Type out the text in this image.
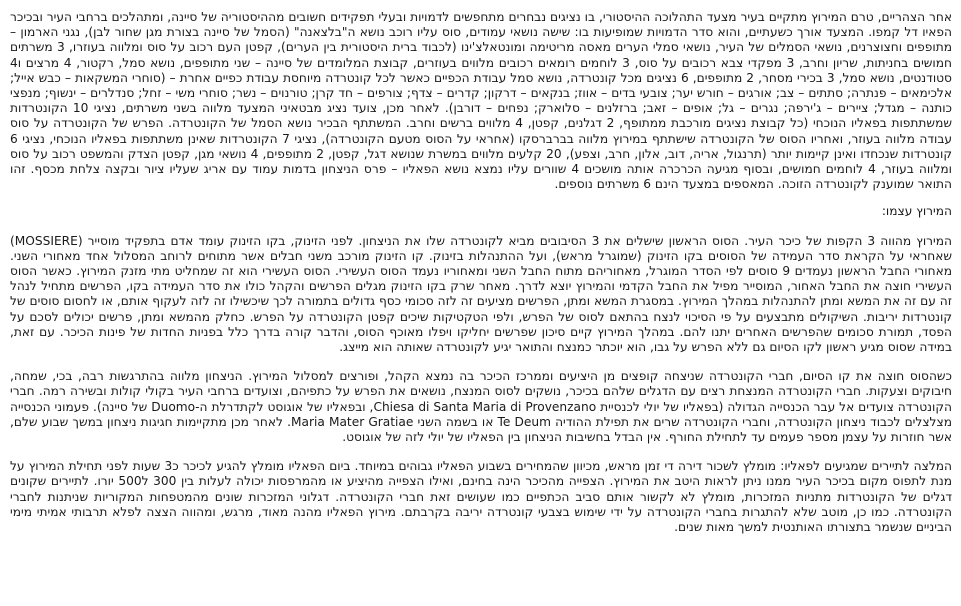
אחר הצהריים, טרם המירוץ מתקיים בעיר מצעד התהלוכה ההיסטורי, בו נציגים נבחרים מתחפשים לדמויות ובעלי תפקידים חשובים מההיסטוריה של סיינה, ומתהלכים ברחבי העיר ובכיכר הפאיו דל קמפו. המצעד אורך כשעתיים, והוא סדר הדמויות שמופיעות בו: שישה נושאי עמודים, סוס עליו רוכב נושא ה"בלצאנה" (הסמל של סיינה בצורת מגן שחור לבן), נגני הארמון – מתופפים וחצוצרנים, נושאי הסמלים של העיר, נושאי סמלי הערים מאסה מריטימה ומונטאלצ'ינו (לכבוד ברית היסטורית בין הערים), קפטן העם רכוב על סוס ומלווה בעוזרו, 3 משרתים חמושים בחניתות, שריון וחרב, 3 מפקדי צבא רכובים על סוס, 3 לוחמים רומאים רכובים מלווים בעוזרים, קבוצת המלומדים של סיינה – שני מתופפים, נושא סמל, רקטור, 4 מרצים ו4 סטודנטים, נושא סמל, 3 בכירי מסחר, 2 מתופפים, 6 נציגים מכל קונטרדה, נושא סמל עבודת הכפיים כאשר לכל קונטרדה מיוחסת עבודת כפיים אחרת – (סוחרי המשקאות – כבש אייל; אלכימאים – פנתרה; סתתים – צב; אורגים – חורש יער; צובעי בדים – אווז; בנקאים – דרקון; קדרים – צדף; צורפים – חד קרן; טורנוים – נשר; סוחרי משי – זחל; סנדלרים – ינשוף; מנפצי כותנה – מגדל; ציירים – ג'ירפה; נגרים – גל; אופים – זאב; ברזלנים – סלוארק; נפחים – דורבן). לאחר מכן, צועד נציג מבטאיני המצעד מלווה בשני משרתים, נציגי 10 הקונטרדות שמשתתפות בפאליו הנוכחי (כל קבוצת נציגים מורכבת ממתופף, 2 דגלנים, קפטן, 4 מלווים ברשים וחרב. המשתתף הבכיר נושא הסמל של הקונטרדה. הפרש של הקונטרדה על סוס עבודה מלווה בעוזר, ואחריו הסוס של הקונטרדה שישתתף במירוץ מלווה בברברסקו (אחראי על הסוס מטעם הקונטרדה), נציגי 7 הקונטרדות שאינן משתתפות בפאליו הנוכחי, נציגי 6 קונטרדות שנכחדו ואינן קיימות יותר (תרנגול, אריה, דוב, אלון, חרב, וצפע), 20 קלעים מלווים במשרת שנושא דגל, קפטן, 2 מתופפים, 4 נושאי מגן, קפטן הצדק והמשפט רכוב על סוס ומלווה בעוזר, 4 לוחמים חמושים, ובסוף מגיעה הכרכרה אותה מושכים 4 שוורים עליו נמצא נושא הפאליו – פרס הניצחון בדמות עמוד עם אריג שעליו ציור ובקצה צלחת מכסף. זהו התואר שמוענק לקונטרדה הזוכה. המאספים במצעד הינם 6 משרתים נוספים.

המירוץ עצמו:

המירוץ מהווה 3 הקפות של כיכר העיר. הסוס הראשון שישלים את 3 הסיבובים מביא לקונטרדה שלו את הניצחון. לפני הזינוק, בקו הזינוק עומד אדם בתפקיד מוסייר (MOSSIERE) שאחראי על הקראת סדר העמידה של הסוסים בקו הזינוק (שמוגרל מראש), ועל ההתנהלות בזינוק. קו הזינוק מורכב משני חבלים אשר מתוחים לרוחב המסלול אחד מאחורי השני. מאחורי החבל הראשון נעמדים 9 סוסים לפי הסדר המוגרל, מאחוריהם מתוח החבל השני ומאחוריו נעמד הסוס העשירי. הסוס העשירי הוא זה שמחליט מתי מזנק המירוץ. כאשר הסוס העשירי חוצה את החבל האחור, המוסייר מפיל את החבל הקדמי והמירוץ יוצא לדרך. מאחר שרק בקו הזינוק מגלים הפרשים והקהל כולו את סדר העמידה בקו, הפרשים מתחיל לנהל זה עם זה את המשא ומתן להתנהלות במהלך המירוץ. במסגרת המשא ומתן, הפרשים מציעים זה לזה סכומי כסף גדולים בתמורה לכך שיכשילו זה לזה לעקוף אותם, או לחסום סוסים של קונטרדות יריבות. השיקולים מתבצעים על פי הסיכוי לנצח בהתאם לסוס של הפרש, ולפי הטקטיקות שיכים קפטן הקונטרדה על הפרש. כחלק מהמשא ומתן, פרשים יכולים לסכם על הפסד, תמורת סכומים שהפרשים האחרים יתנו להם. במהלך המירוץ קיים סיכון שפרשים יחליקו ויפלו מאוכף הסוס, והדבר קורה בדרך כלל בפניות החדות של פינות הכיכר. עם זאת, במידה שסוס מגיע ראשון לקו הסיום גם ללא הפרש על גבו, הוא יוכתר כמנצח והתואר יגיע לקונטרדה שאותה הוא מייצג.

כשהסוס חוצה את קו הסיום, חברי הקונטרדה שניצחה קופצים מן היציעים וממרכז הכיכר בה נמצא הקהל, ופורצים למסלול המירוץ. הניצחון מלווה בהתרגשות רבה, בכי, שמחה, חיבוקים וצעקות. חברי הקונטרדה המנצחת רצים עם הדגלים שלהם בכיכר, נושקים לסוס המנצח, נושאים את הפרש על כתפיהם, וצועדים ברחבי העיר בקולי קולות ובשירה רמה. חברי הקונטרדה צועדים אל עבר הכנסייה הגדולה (בפאליו של יולי לכנסיית Chiesa di Santa Maria di Provenzano, ובפאליו של אוגוסט לקתדרלת ה-Duomo של סיינה). פעמוני הכנסייה מצלצלים לכבוד ניצחון הקונטרדה, וחברי הקונטרדה שרים את תפילת ההודיה Te Deum או בשמה השני Maria Mater Gratiae. לאחר מכן מתקיימות חגיגות ניצחון במשך שבוע שלם, אשר חוזרות על עצמן מספר פעמים עד לתחילת החורף. אין הבדל בחשיבות הניצחון בין הפאליו של יולי לזה של אוגוסט.

המלצה לתיירים שמגיעים לפאליו: מומלץ לשכור דירה די זמן מראש, מכיוון שהמחירים בשבוע הפאליו גבוהים במיוחד. ביום הפאליו מומלץ להגיע לכיכר כ3 שעות לפני תחילת המירוץ על מנת לתפוס מקום בכיכר העיר ממנו ניתן לראות היטב את המירוץ. הצפייה מהכיכר הינה בחינם, ואילו הצפייה מהיציע או מהמרפסות יכולה לעלות בין 300 ל500 יורו. לתיירים שקונים דגלים של הקונטרדות מתניות המזכרות, מומלץ לא לקשור אותם סביב הכתפיים כמו שעושים זאת חברי הקונטרדה. דגלוני המזכרות שונים מהמטפחות המקוריות שניתנות לחברי הקונטרדה. כמו כן, מוטב שלא להתגרות בחברי הקונטרדה על ידי שימוש בצבעי קונטרדה יריבה בקרבתם. מירוץ הפאליו מהנה מאוד, מרגש, ומהווה הצצה לפלא תרבותי אמיתי מימי הביניים שנשמר בתצורתו האותנטית למשך מאות שנים.
